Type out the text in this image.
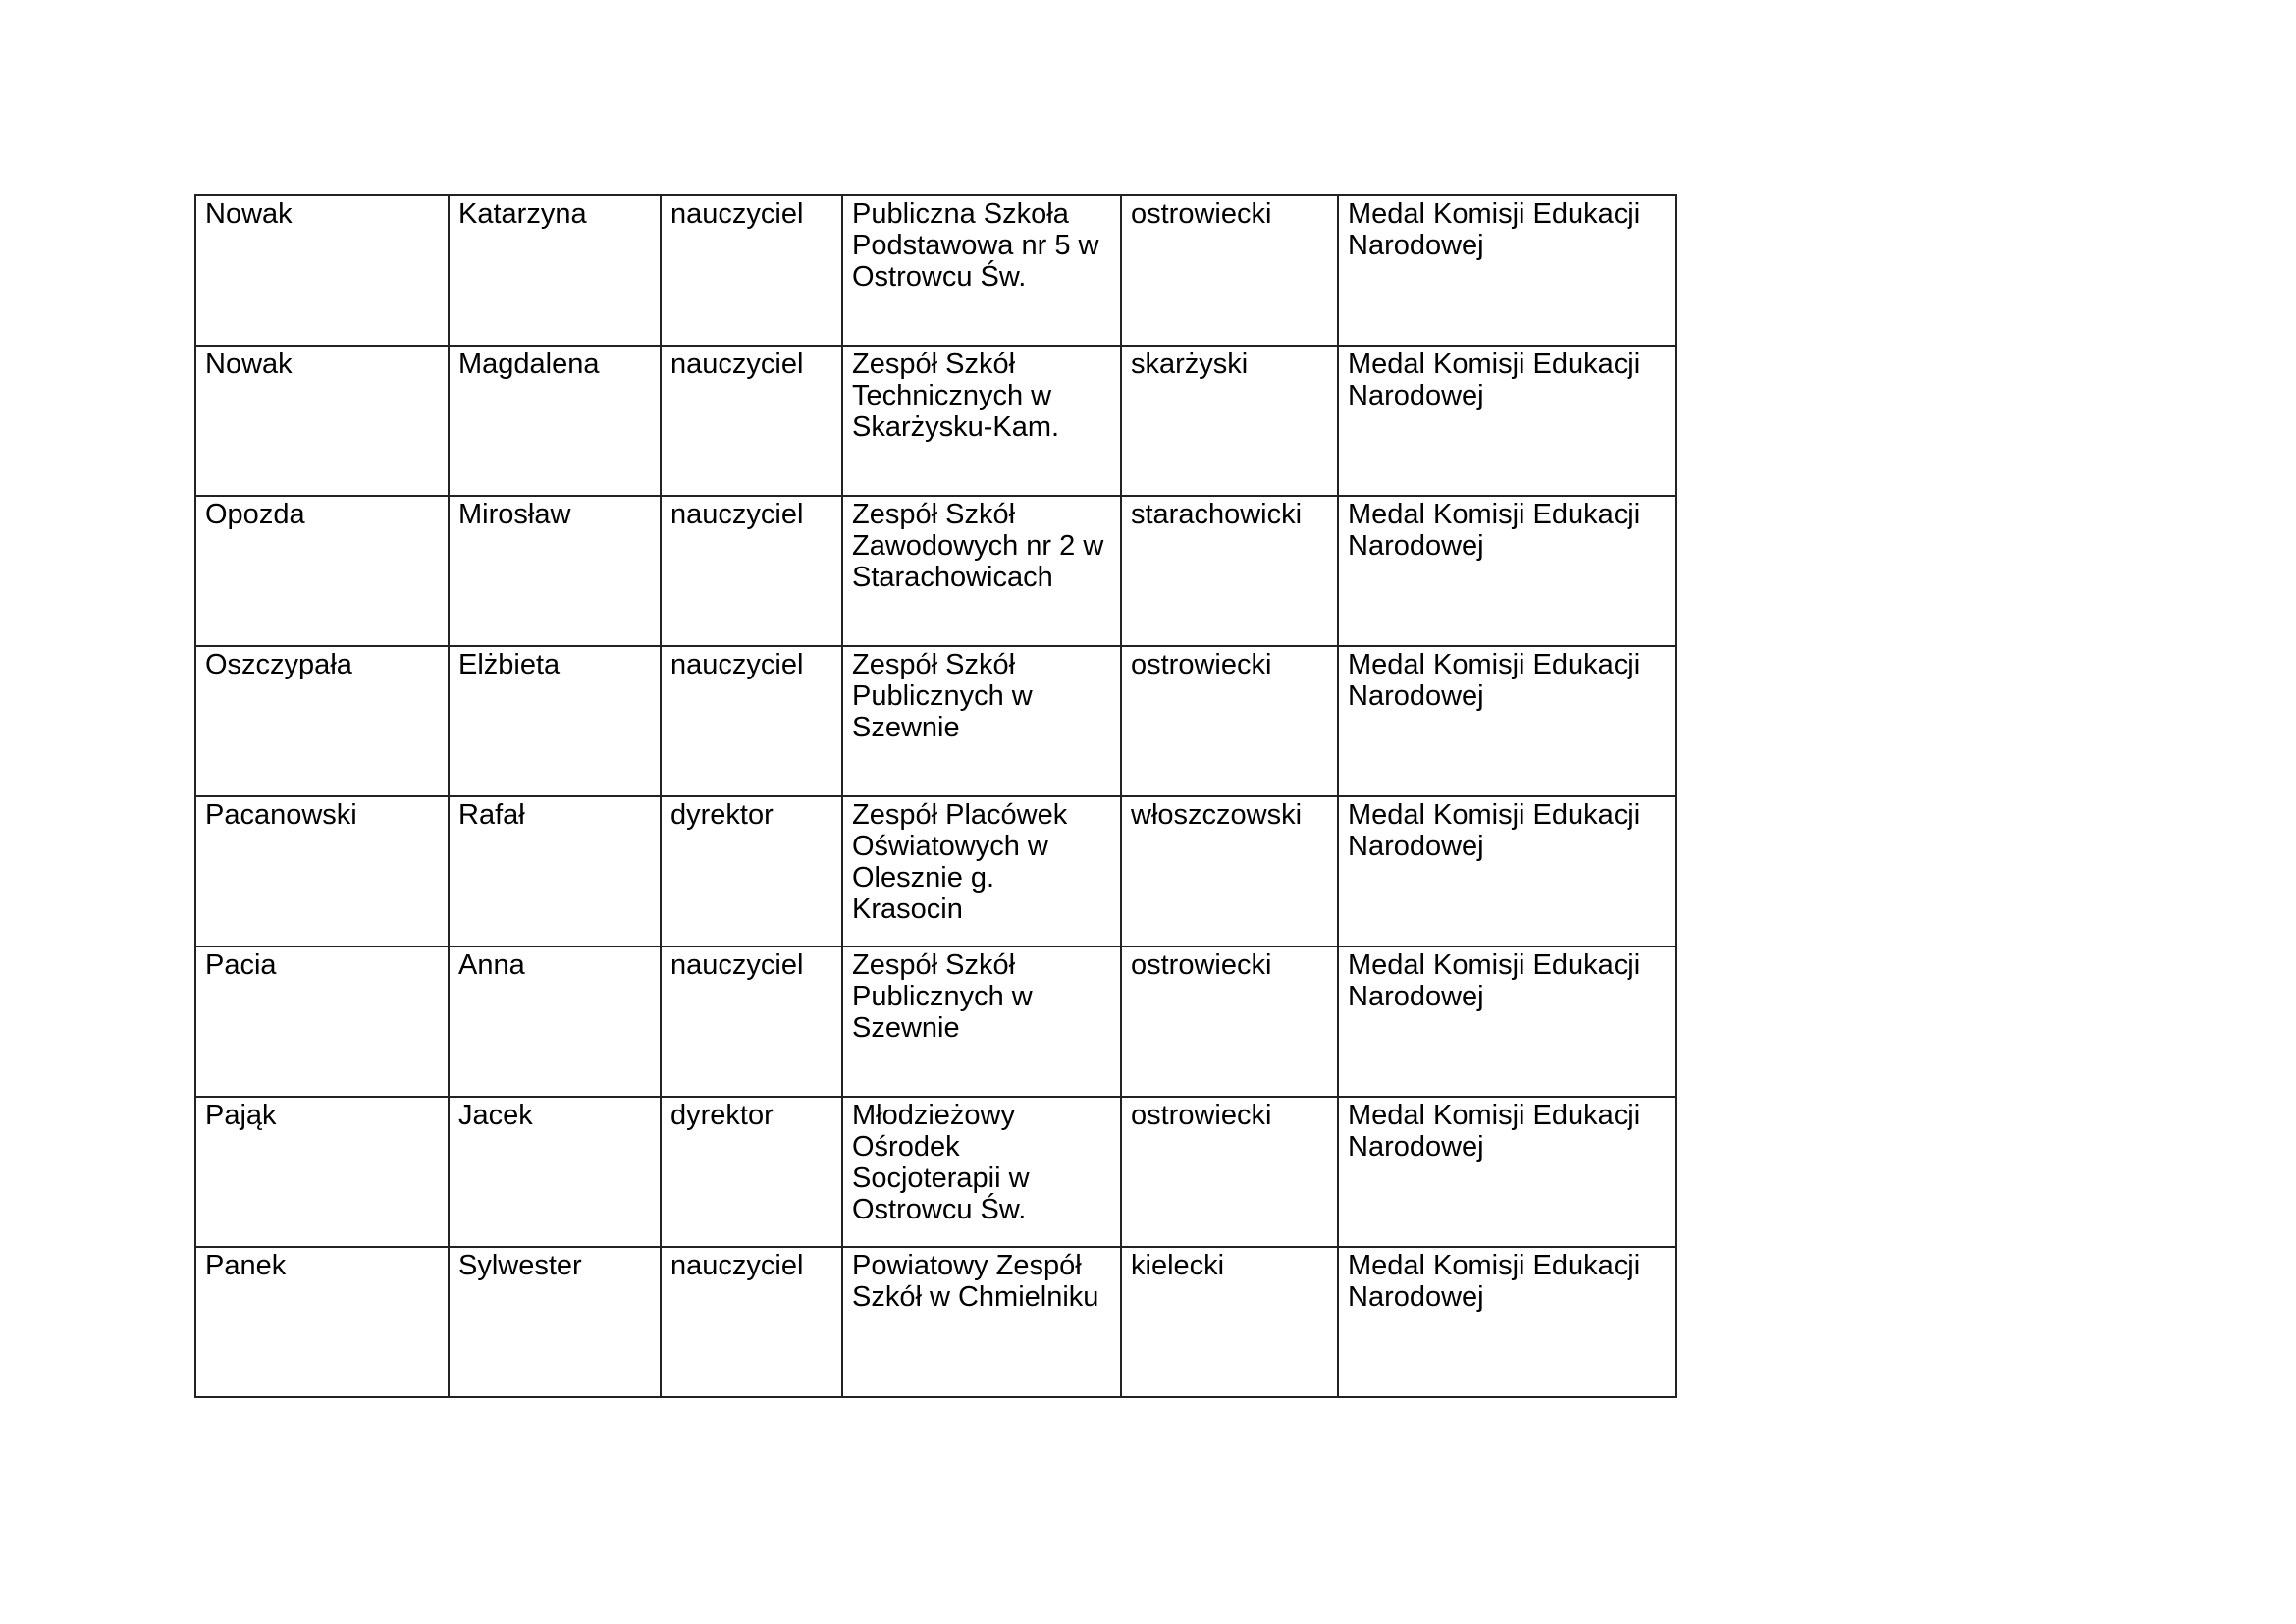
Nowak	Katarzyna	nauczyciel	Publiczna Szkoła Podstawowa nr 5 w Ostrowcu Św.	ostrowiecki	Medal Komisji Edukacji Narodowej
Nowak	Magdalena	nauczyciel	Zespół Szkół Technicznych w Skarżysku-Kam.	skarżyski	Medal Komisji Edukacji Narodowej
Opozda	Mirosław	nauczyciel	Zespół Szkół Zawodowych nr 2 w Starachowicach	starachowicki	Medal Komisji Edukacji Narodowej
Oszczypała	Elżbieta	nauczyciel	Zespół Szkół Publicznych w Szewnie	ostrowiecki	Medal Komisji Edukacji Narodowej
Pacanowski	Rafał	dyrektor	Zespół Placówek Oświatowych w Olesznie g. Krasocin	włoszczowski	Medal Komisji Edukacji Narodowej
Pacia	Anna	nauczyciel	Zespół Szkół Publicznych w Szewnie	ostrowiecki	Medal Komisji Edukacji Narodowej
Pająk	Jacek	dyrektor	Młodzieżowy Ośrodek Socjoterapii w Ostrowcu Św.	ostrowiecki	Medal Komisji Edukacji Narodowej
Panek	Sylwester	nauczyciel	Powiatowy Zespół Szkół w Chmielniku	kielecki	Medal Komisji Edukacji Narodowej
